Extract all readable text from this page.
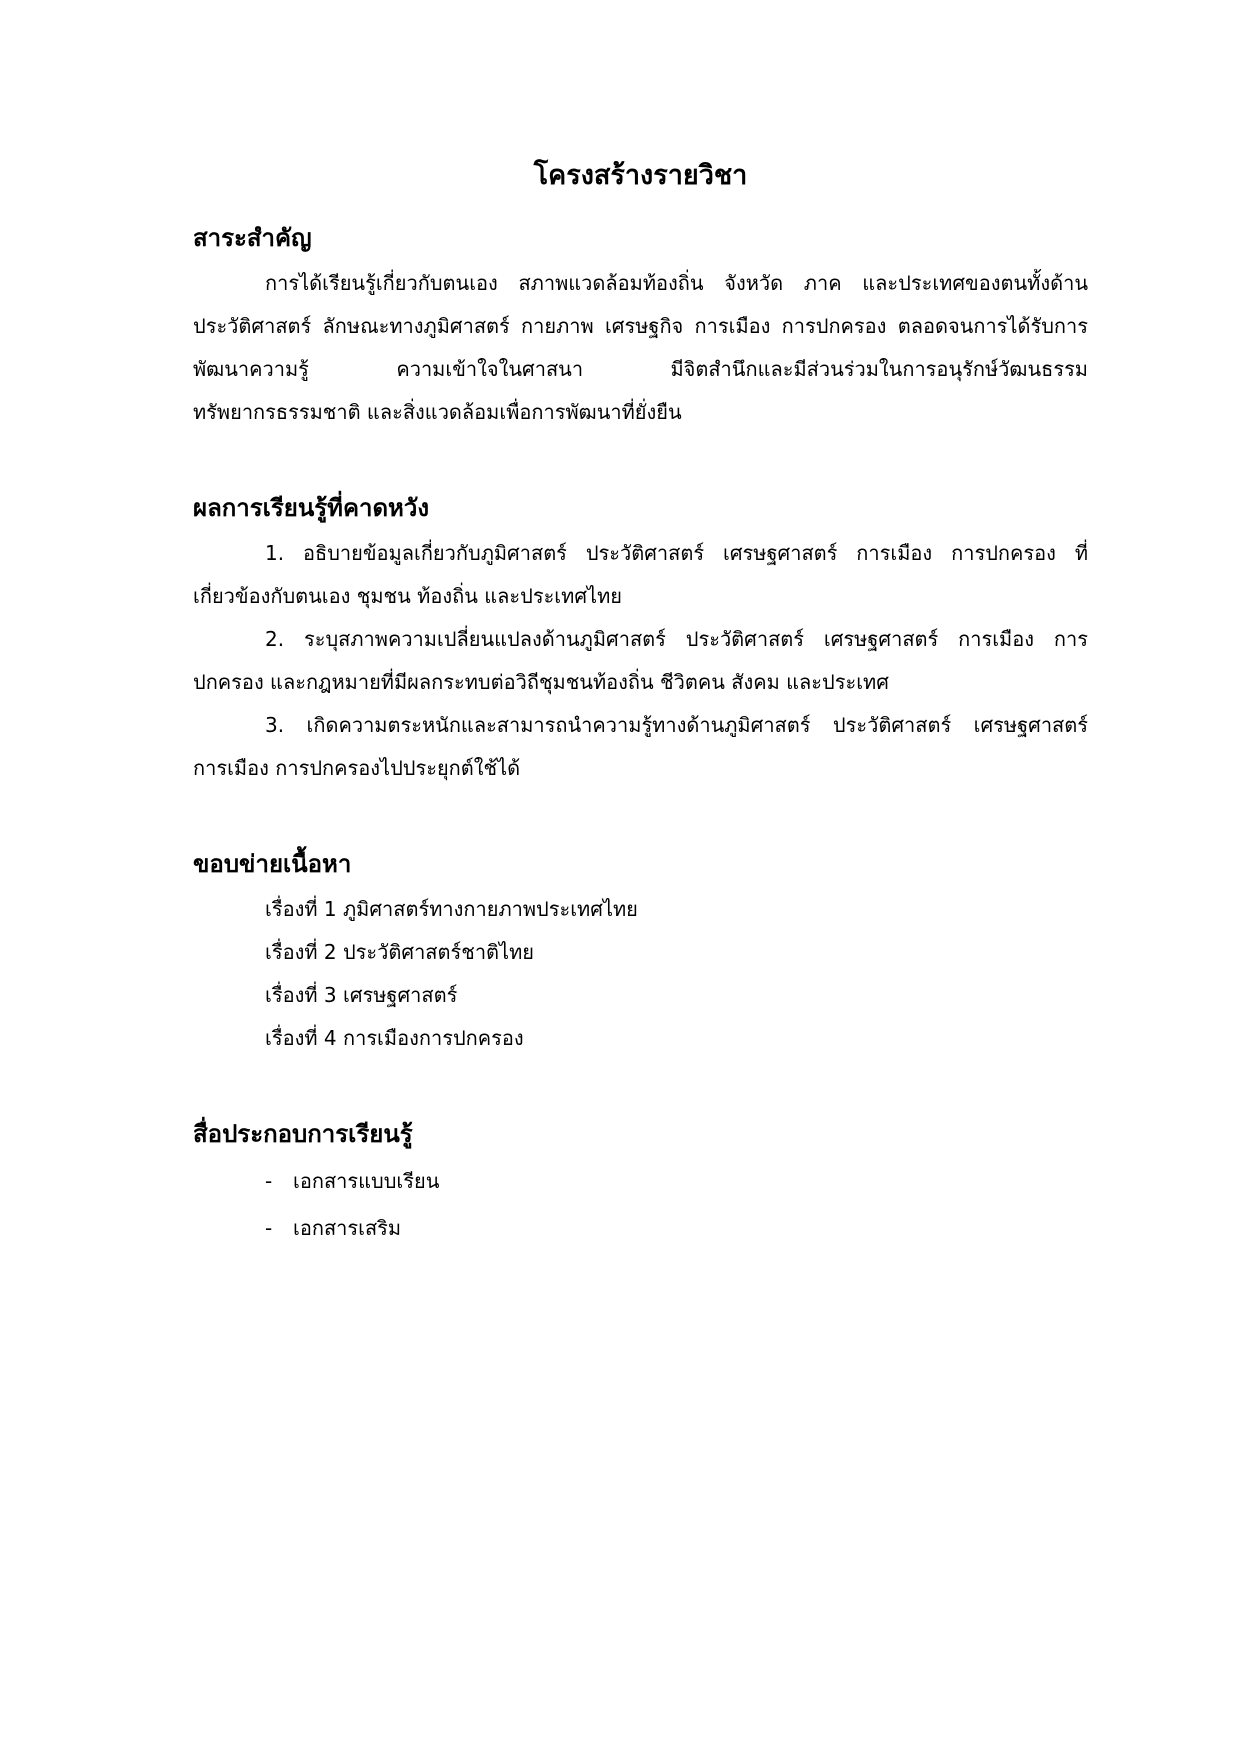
โครงสร้างรายวิชา
สาระสำคัญ

การได้เรียนรู้เกี่ยวกับตนเอง สภาพแวดล้อมท้องถิ่น จังหวัด ภาค และประเทศของตนทั้งด้านประวัติศาสตร์ ลักษณะทางภูมิศาสตร์ กายภาพ เศรษฐกิจ การเมือง การปกครอง ตลอดจนการได้รับการพัฒนาความรู้ ความเข้าใจในศาสนา มีจิตสำนึกและมีส่วนร่วมในการอนุรักษ์วัฒนธรรม ทรัพยากรธรรมชาติ และสิ่งแวดล้อมเพื่อการพัฒนาที่ยั่งยืน

ผลการเรียนรู้ที่คาดหวัง

1. อธิบายข้อมูลเกี่ยวกับภูมิศาสตร์ ประวัติศาสตร์ เศรษฐศาสตร์ การเมือง การปกครอง ที่เกี่ยวข้องกับตนเอง ชุมชน ท้องถิ่น และประเทศไทย

2. ระบุสภาพความเปลี่ยนแปลงด้านภูมิศาสตร์ ประวัติศาสตร์ เศรษฐศาสตร์ การเมือง การปกครอง และกฎหมายที่มีผลกระทบต่อวิถีชุมชนท้องถิ่น ชีวิตคน สังคม และประเทศ

3. เกิดความตระหนักและสามารถนำความรู้ทางด้านภูมิศาสตร์ ประวัติศาสตร์ เศรษฐศาสตร์ การเมือง การปกครองไปประยุกต์ใช้ได้

ขอบข่ายเนื้อหา
เรื่องที่ 1 ภูมิศาสตร์ทางกายภาพประเทศไทย
เรื่องที่ 2 ประวัติศาสตร์ชาติไทย
เรื่องที่ 3 เศรษฐศาสตร์
เรื่องที่ 4 การเมืองการปกครอง
สื่อประกอบการเรียนรู้
-	เอกสารแบบเรียน
-	เอกสารเสริม
